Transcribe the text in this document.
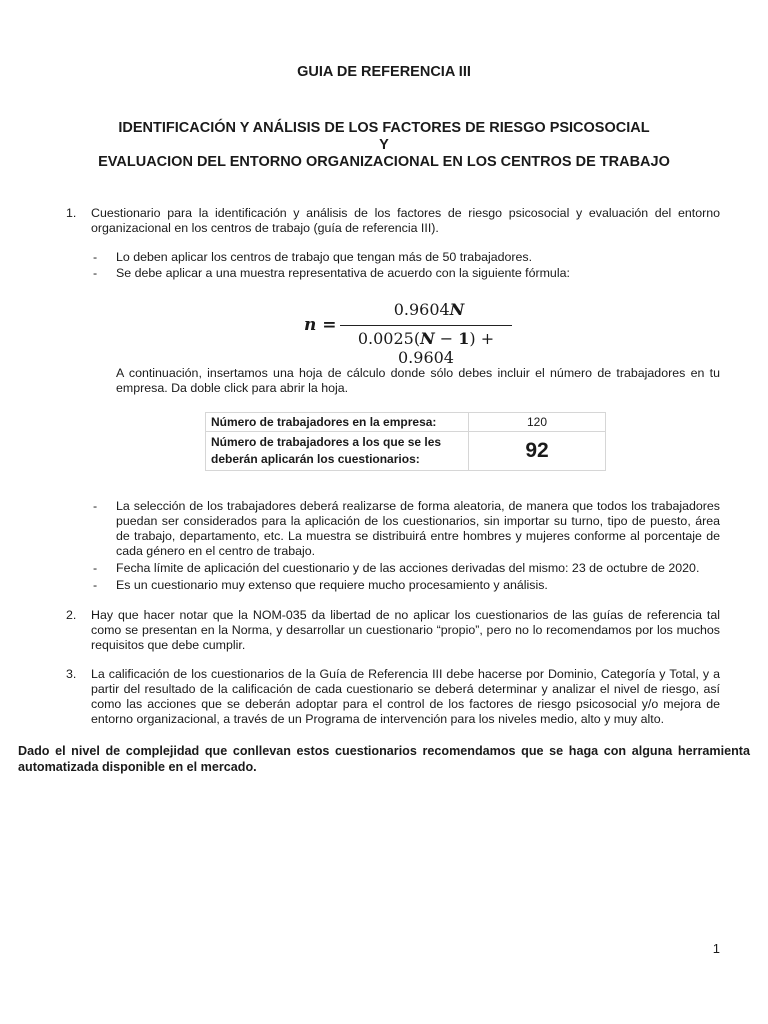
GUIA DE REFERENCIA III
IDENTIFICACIÓN Y ANÁLISIS DE LOS FACTORES DE RIESGO PSICOSOCIAL
Y
EVALUACION DEL ENTORNO ORGANIZACIONAL EN LOS CENTROS DE TRABAJO
1. Cuestionario para la identificación y análisis de los factores de riesgo psicosocial y evaluación del entorno organizacional en los centros de trabajo (guía de referencia III).
- Lo deben aplicar los centros de trabajo que tengan más de 50 trabajadores.
- Se debe aplicar a una muestra representativa de acuerdo con la siguiente fórmula:
n =
0.9604N
0.0025(N − 1) + 0.9604
A continuación, insertamos una hoja de cálculo donde sólo debes incluir el número de trabajadores en tu empresa. Da doble click para abrir la hoja.
Número de trabajadores en la empresa:	120

Número de trabajadores a los que se les
deberán aplicarán los cuestionarios:	92
- La selección de los trabajadores deberá realizarse de forma aleatoria, de manera que todos los trabajadores puedan ser considerados para la aplicación de los cuestionarios, sin importar su turno, tipo de puesto, área de trabajo, departamento, etc. La muestra se distribuirá entre hombres y mujeres conforme al porcentaje de cada género en el centro de trabajo.
- Fecha límite de aplicación del cuestionario y de las acciones derivadas del mismo: 23 de octubre de 2020.
- Es un cuestionario muy extenso que requiere mucho procesamiento y análisis.
2. Hay que hacer notar que la NOM-035 da libertad de no aplicar los cuestionarios de las guías de referencia tal como se presentan en la Norma, y desarrollar un cuestionario “propio”, pero no lo recomendamos por los muchos requisitos que debe cumplir.
3. La calificación de los cuestionarios de la Guía de Referencia III debe hacerse por Dominio, Categoría y Total, y a partir del resultado de la calificación de cada cuestionario se deberá determinar y analizar el nivel de riesgo, así como las acciones que se deberán adoptar para el control de los factores de riesgo psicosocial y/o mejora de entorno organizacional, a través de un Programa de intervención para los niveles medio, alto y muy alto.
Dado el nivel de complejidad que conllevan estos cuestionarios recomendamos que se haga con alguna herramienta automatizada disponible en el mercado.
1
